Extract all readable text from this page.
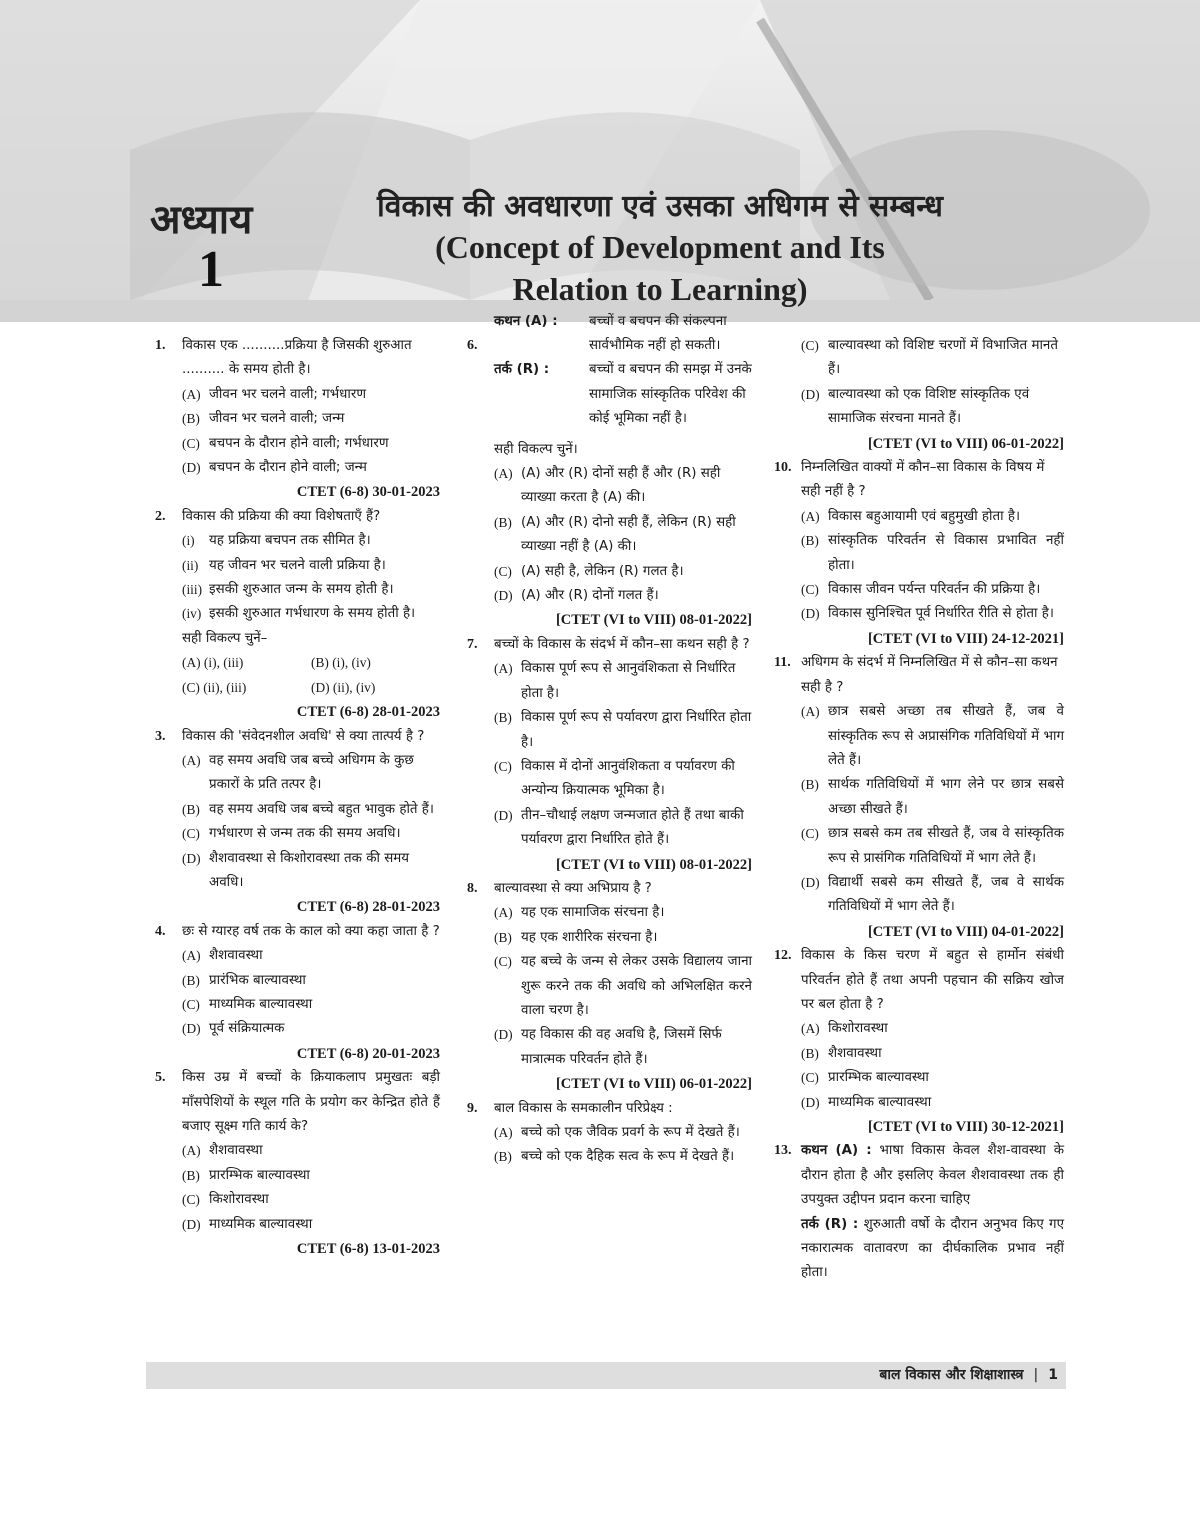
अध्याय
1
विकास की अवधारणा एवं उसका अधिगम से सम्बन्ध
(Concept of Development and Its
Relation to Learning)
1. विकास एक ..........प्रक्रिया है जिसकी शुरुआत .......... के समय होती है।
(A) जीवन भर चलने वाली; गर्भधारण
(B) जीवन भर चलने वाली; जन्म
(C) बचपन के दौरान होने वाली; गर्भधारण
(D) बचपन के दौरान होने वाली; जन्म
CTET (6-8) 30-01-2023
2. विकास की प्रक्रिया की क्या विशेषताएँ हैं?
(i) यह प्रक्रिया बचपन तक सीमित है।
(ii) यह जीवन भर चलने वाली प्रक्रिया है।
(iii) इसकी शुरुआत जन्म के समय होती है।
(iv) इसकी शुरुआत गर्भधारण के समय होती है।
सही विकल्प चुनें–
(A) (i), (iii)	(B) (i), (iv)
(C) (ii), (iii)	(D) (ii), (iv)
CTET (6-8) 28-01-2023
3. विकास की 'संवेदनशील अवधि' से क्या तात्पर्य है ?
(A) वह समय अवधि जब बच्चे अधिगम के कुछ प्रकारों के प्रति तत्पर है।
(B) वह समय अवधि जब बच्चे बहुत भावुक होते हैं।
(C) गर्भधारण से जन्म तक की समय अवधि।
(D) शैशवावस्था से किशोरावस्था तक की समय अवधि।
CTET (6-8) 28-01-2023
4. छः से ग्यारह वर्ष तक के काल को क्या कहा जाता है ?
(A) शैशवावस्था
(B) प्रारंभिक बाल्यावस्था
(C) माध्यमिक बाल्यावस्था
(D) पूर्व संक्रियात्मक
CTET (6-8) 20-01-2023
5. किस उम्र में बच्चों के क्रियाकलाप प्रमुखतः बड़ी माँसपेशियों के स्थूल गति के प्रयोग कर केन्द्रित होते हैं बजाए सूक्ष्म गति कार्य के?
(A) शैशवावस्था
(B) प्रारम्भिक बाल्यावस्था
(C) किशोरावस्था
(D) माध्यमिक बाल्यावस्था
CTET (6-8) 13-01-2023
6.
कथन (A) : बच्चों व बचपन की संकल्पना सार्वभौमिक नहीं हो सकती।
तर्क (R) :	बच्चों व बचपन की समझ में उनके सामाजिक सांस्कृतिक परिवेश की कोई भूमिका नहीं है।
सही विकल्प चुनें।
(A) (A) और (R) दोनों सही हैं और (R) सही व्याख्या करता है (A) की।
(B) (A) और (R) दोनो सही हैं, लेकिन (R) सही व्याख्या नहीं है (A) की।
(C) (A) सही है, लेकिन (R) गलत है।
(D) (A) और (R) दोनों गलत हैं।
[CTET (VI to VIII) 08-01-2022]
7. बच्चों के विकास के संदर्भ में कौन–सा कथन सही है ?
(A) विकास पूर्ण रूप से आनुवंशिकता से निर्धारित होता है।
(B) विकास पूर्ण रूप से पर्यावरण द्वारा निर्धारित होता है।
(C) विकास में दोनों आनुवंशिकता व पर्यावरण की अन्योन्य क्रियात्मक भूमिका है।
(D) तीन–चौथाई लक्षण जन्मजात होते हैं तथा बाकी पर्यावरण द्वारा निर्धारित होते हैं।
[CTET (VI to VIII) 08-01-2022]
8. बाल्यावस्था से क्या अभिप्राय है ?
(A) यह एक सामाजिक संरचना है।
(B) यह एक शारीरिक संरचना है।
(C) यह बच्चे के जन्म से लेकर उसके विद्यालय जाना शुरू करने तक की अवधि को अभिलक्षित करने वाला चरण है।
(D) यह विकास की वह अवधि है, जिसमें सिर्फ मात्रात्मक परिवर्तन होते हैं।
[CTET (VI to VIII) 06-01-2022]
9. बाल विकास के समकालीन परिप्रेक्ष्य :
(A) बच्चे को एक जैविक प्रवर्ग के रूप में देखते हैं।
(B) बच्चे को एक दैहिक सत्व के रूप में देखते हैं।
(C) बाल्यावस्था को विशिष्ट चरणों में विभाजित मानते हैं।
(D) बाल्यावस्था को एक विशिष्ट सांस्कृतिक एवं सामाजिक संरचना मानते हैं।
[CTET (VI to VIII) 06-01-2022]
10. निम्नलिखित वाक्यों में कौन–सा विकास के विषय में सही नहीं है ?
(A) विकास बहुआयामी एवं बहुमुखी होता है।
(B) सांस्कृतिक परिवर्तन से विकास प्रभावित नहीं होता।
(C) विकास जीवन पर्यन्त परिवर्तन की प्रक्रिया है।
(D) विकास सुनिश्चित पूर्व निर्धारित रीति से होता है।
[CTET (VI to VIII) 24-12-2021]
11. अधिगम के संदर्भ में निम्नलिखित में से कौन–सा कथन सही है ?
(A) छात्र सबसे अच्छा तब सीखते हैं, जब वे सांस्कृतिक रूप से अप्रासंगिक गतिविधियों में भाग लेते हैं।
(B) सार्थक गतिविधियों में भाग लेने पर छात्र सबसे अच्छा सीखते हैं।
(C) छात्र सबसे कम तब सीखते हैं, जब वे सांस्कृतिक रूप से प्रासंगिक गतिविधियों में भाग लेते हैं।
(D) विद्यार्थी सबसे कम सीखते हैं, जब वे सार्थक गतिविधियों में भाग लेते हैं।
[CTET (VI to VIII) 04-01-2022]
12. विकास के किस चरण में बहुत से हार्मोन संबंधी परिवर्तन होते हैं तथा अपनी पहचान की सक्रिय खोज पर बल होता है ?
(A) किशोरावस्था
(B) शैशवावस्था
(C) प्रारम्भिक बाल्यावस्था
(D) माध्यमिक बाल्यावस्था
[CTET (VI to VIII) 30-12-2021]
13. कथन (A) : भाषा विकास केवल शैश-वावस्था के दौरान होता है और इसलिए केवल शैशवावस्था तक ही उपयुक्त उद्दीपन प्रदान करना चाहिए
तर्क (R) : शुरुआती वर्षो के दौरान अनुभव किए गए नकारात्मक वातावरण का दीर्घकालिक प्रभाव नहीं होता।
बाल विकास और शिक्षाशास्त्र | 1
